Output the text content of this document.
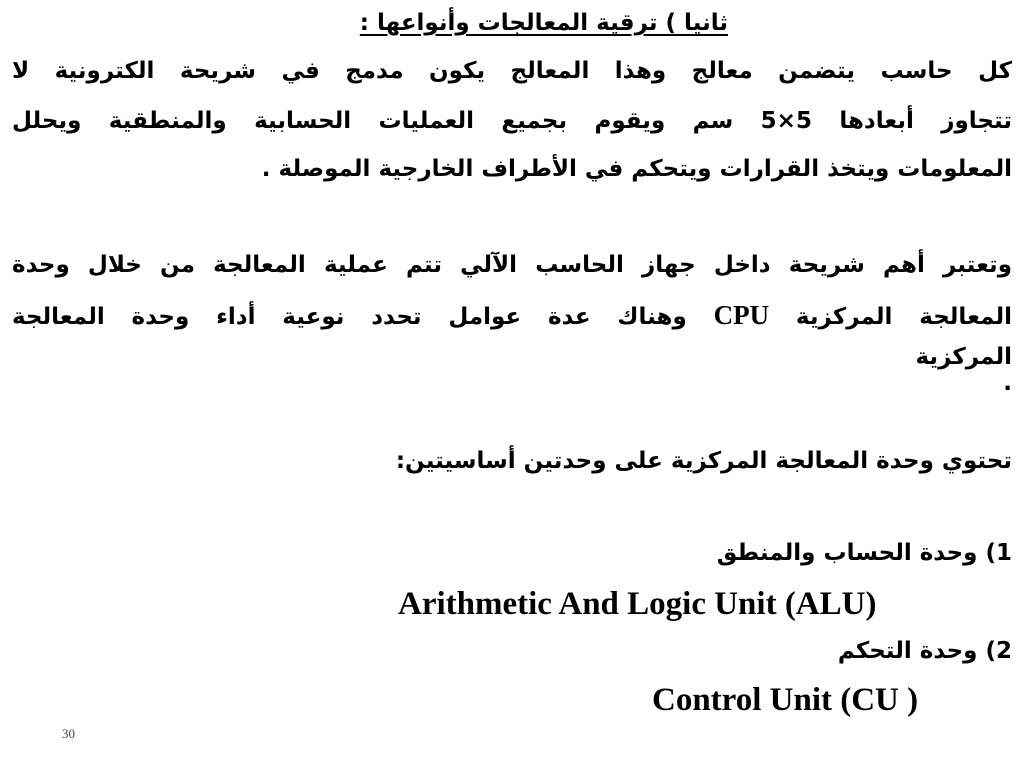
ثانيا ) ترقية المعالجات وأنواعها :
كل حاسب يتضمن معالج وهذا المعالج يكون مدمج في شريحة الكترونية لا
تتجاوز أبعادها 5×5 سم ويقوم بجميع العمليات الحسابية والمنطقية ويحلل
المعلومات ويتخذ القرارات ويتحكم في الأطراف الخارجية الموصلة .
وتعتبر أهم شريحة داخل جهاز الحاسب الآلي تتم عملية المعالجة من خلال وحدة
المعالجة المركزية CPU وهناك عدة عوامل تحدد نوعية أداء وحدة المعالجة
المركزية
.
تحتوي وحدة المعالجة المركزية على وحدتين أساسيتين:
1) وحدة الحساب والمنطق
Arithmetic And Logic Unit (ALU)
2) وحدة التحكم
Control Unit (CU )
30
